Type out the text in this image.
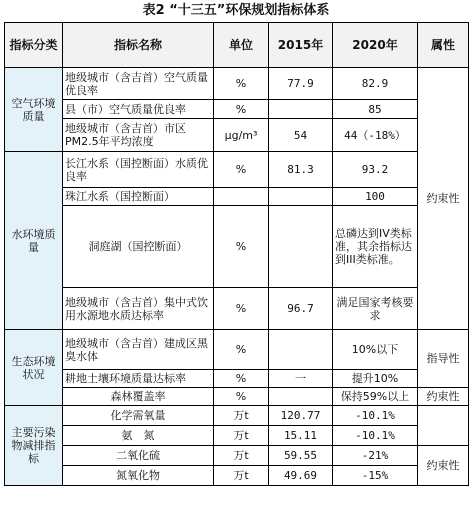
表2 “十三五”环保规划指标体系
指标分类	指标名称	单位	2015年	2020年	属性
空气环境质量	地级城市（含吉首）空气质量优良率	%	77.9	82.9	约束性
	县（市）空气质量优良率	%		85	
	地级城市（含吉首）市区PM2.5年平均浓度	μg/m³	54	44（-18%）	
水环境质量	长江水系（国控断面）水质优良率	%	81.3	93.2	
	珠江水系（国控断面）			100	
	洞庭湖（国控断面）	%		总磷达到IV类标准，其余指标达到III类标准。	
	地级城市（含吉首）集中式饮用水源地水质达标率	%	96.7	满足国家考核要求	
生态环境状况	地级城市（含吉首）建成区黑臭水体	%		10%以下	指导性
	耕地土壤环境质量达标率	%	一	提升10%	
	森林覆盖率	%		保持59%以上	约束性
主要污染物减排指标	化学需氧量	万t	120.77	-10.1%	
	氨　氮	万t	15.11	-10.1%	
	二氧化硫	万t	59.55	-21%	约束性
	氮氧化物	万t	49.69	-15%	
